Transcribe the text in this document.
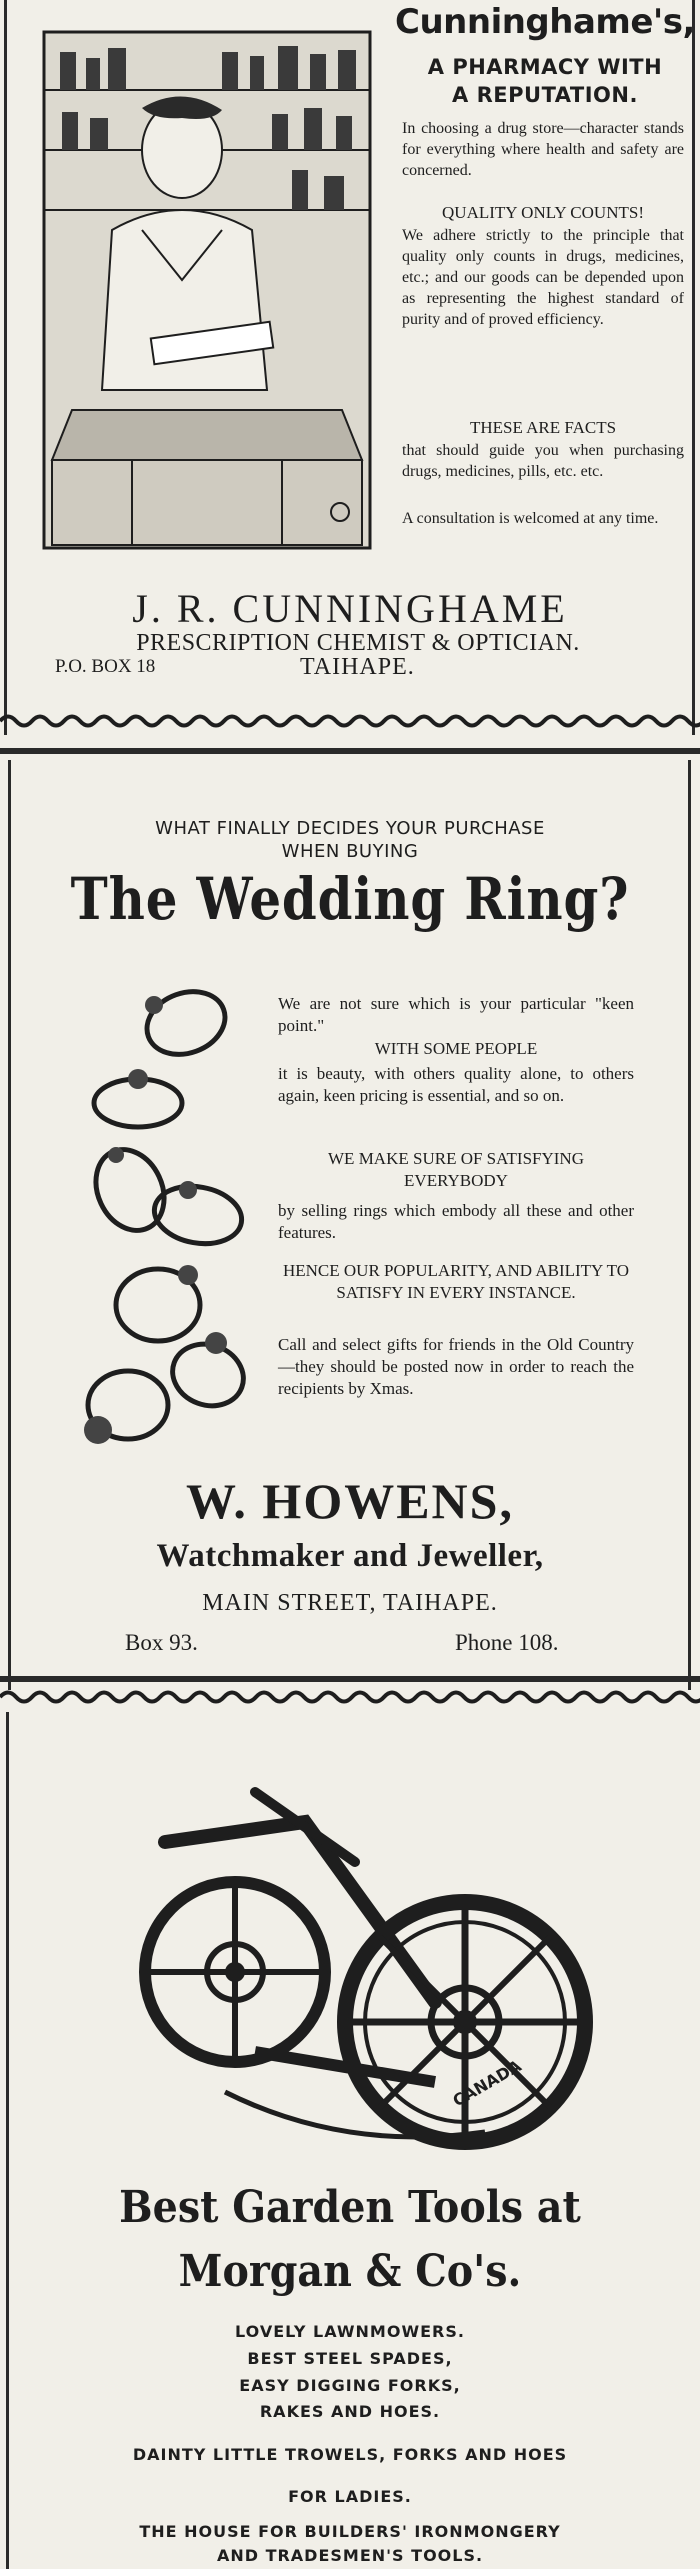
Cunninghame's,

A PHARMACY WITH

A REPUTATION.

In choosing a drug store—character stands for everything where health and safety are concerned.

QUALITY ONLY COUNTS!

We adhere strictly to the principle that quality only counts in drugs, medicines, etc.; and our goods can be depended upon as representing the highest standard of purity and of proved efficiency.

THESE ARE FACTS

that should guide you when purchasing drugs, medicines, pills, etc. etc.

A consultation is welcomed at any time.

J. R. CUNNINGHAME

PRESCRIPTION CHEMIST & OPTICIAN.

P.O. BOX 18	TAIHAPE.

WHAT FINALLY DECIDES YOUR PURCHASE

WHEN BUYING

The Wedding Ring?

We are not sure which is your particular "keen point."

WITH SOME PEOPLE

it is beauty, with others quality alone, to others again, keen pricing is essential, and so on.

WE MAKE SURE OF SATISFYING EVERYBODY

by selling rings which embody all these and other features.

HENCE OUR POPULARITY, AND ABILITY TO SATISFY IN EVERY INSTANCE.

Call and select gifts for friends in the Old Country—they should be posted now in order to reach the recipients by Xmas.

W. HOWENS,

Watchmaker and Jeweller,

MAIN STREET, TAIHAPE.

Box 93.	Phone 108.

CANADA

Best Garden Tools at

Morgan & Co's.

LOVELY LAWNMOWERS.

BEST STEEL SPADES,

EASY DIGGING FORKS,

RAKES AND HOES.

DAINTY LITTLE TROWELS, FORKS AND HOES

FOR LADIES.

THE HOUSE FOR BUILDERS' IRONMONGERY

AND TRADESMEN'S TOOLS.
